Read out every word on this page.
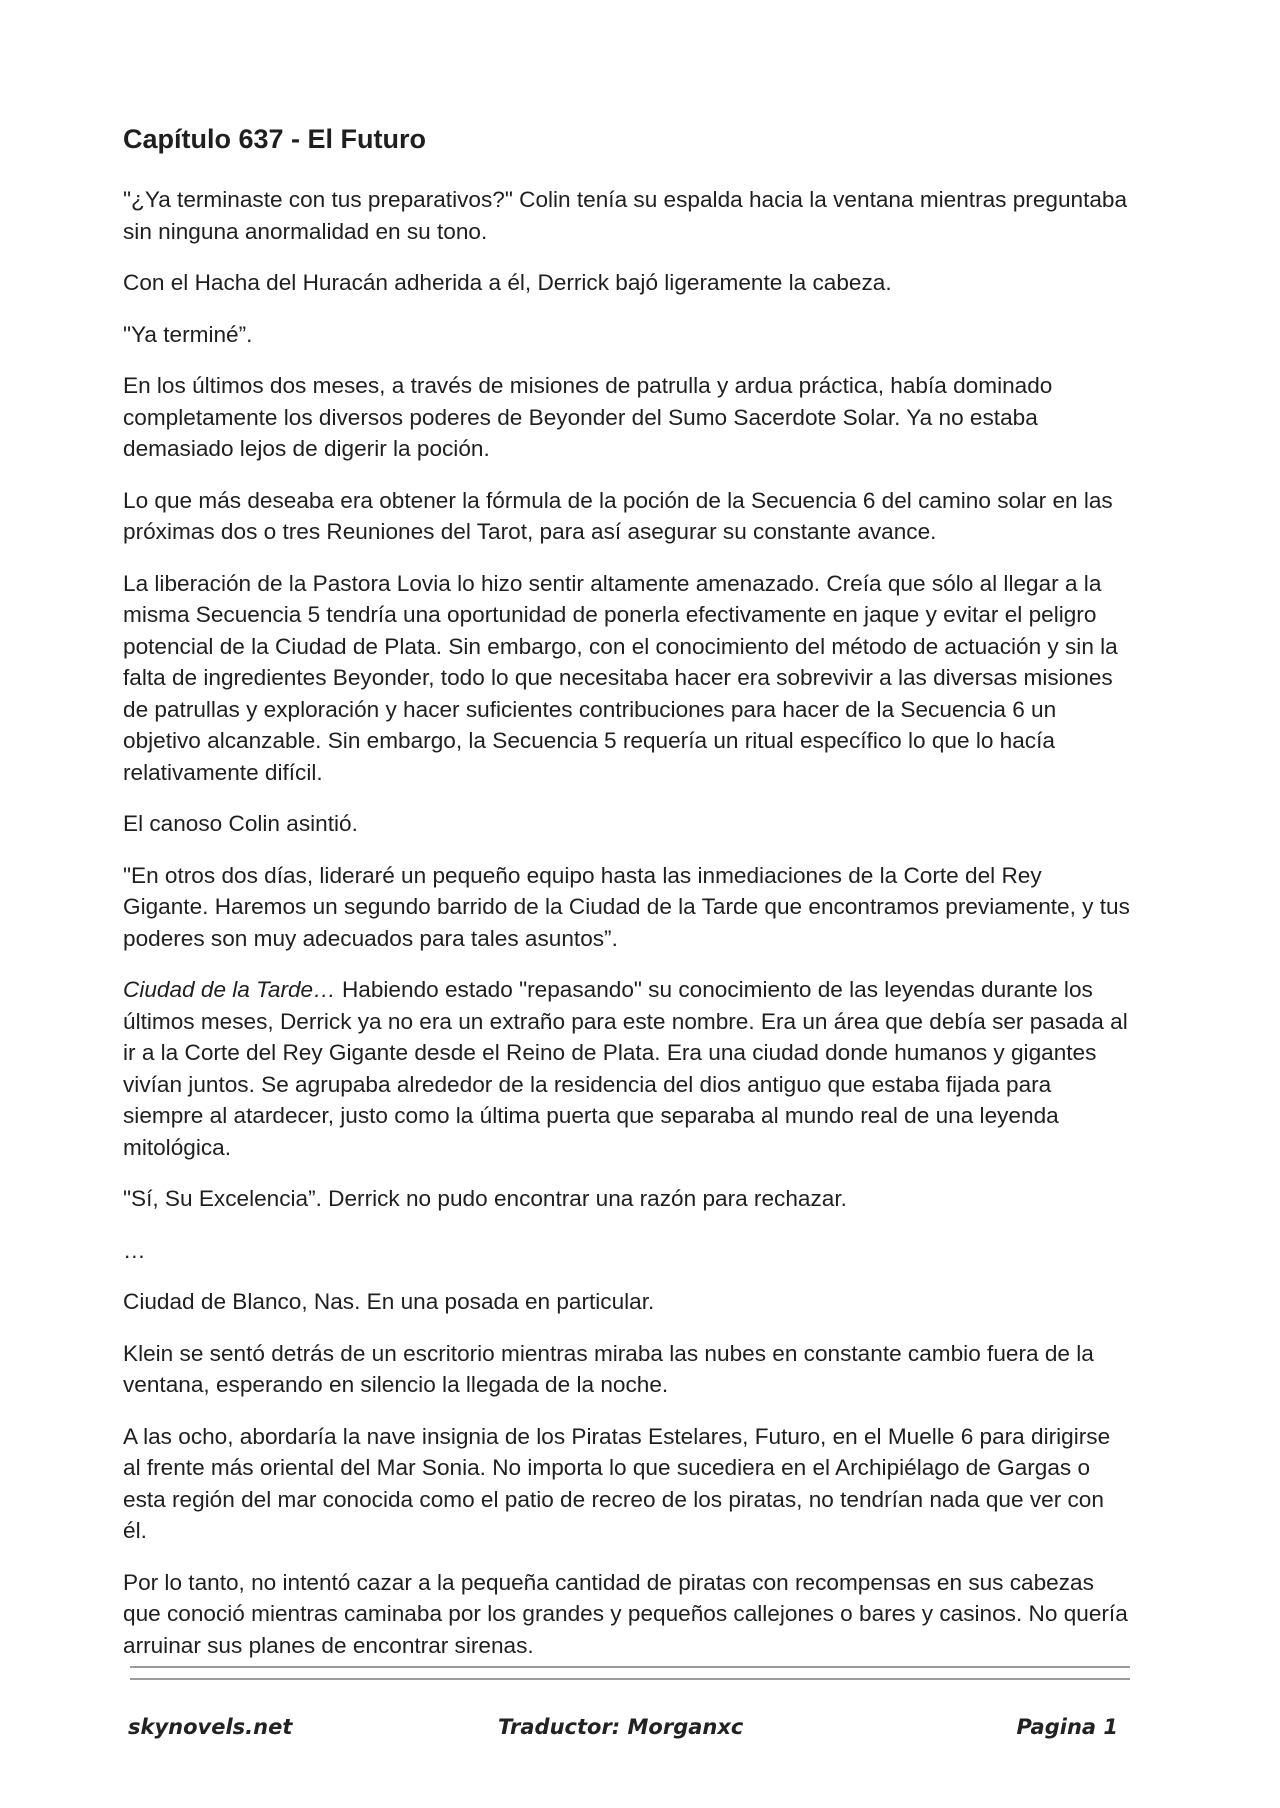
Capítulo 637 - El Futuro

"¿Ya terminaste con tus preparativos?" Colin tenía su espalda hacia la ventana mientras preguntaba sin ninguna anormalidad en su tono.

Con el Hacha del Huracán adherida a él, Derrick bajó ligeramente la cabeza.

"Ya terminé”.

En los últimos dos meses, a través de misiones de patrulla y ardua práctica, había dominado completamente los diversos poderes de Beyonder del Sumo Sacerdote Solar. Ya no estaba demasiado lejos de digerir la poción.

Lo que más deseaba era obtener la fórmula de la poción de la Secuencia 6 del camino solar en las próximas dos o tres Reuniones del Tarot, para así asegurar su constante avance.

La liberación de la Pastora Lovia lo hizo sentir altamente amenazado. Creía que sólo al llegar a la misma Secuencia 5 tendría una oportunidad de ponerla efectivamente en jaque y evitar el peligro potencial de la Ciudad de Plata. Sin embargo, con el conocimiento del método de actuación y sin la falta de ingredientes Beyonder, todo lo que necesitaba hacer era sobrevivir a las diversas misiones de patrullas y exploración y hacer suficientes contribuciones para hacer de la Secuencia 6 un objetivo alcanzable. Sin embargo, la Secuencia 5 requería un ritual específico lo que lo hacía relativamente difícil.

El canoso Colin asintió.

"En otros dos días, lideraré un pequeño equipo hasta las inmediaciones de la Corte del Rey Gigante. Haremos un segundo barrido de la Ciudad de la Tarde que encontramos previamente, y tus poderes son muy adecuados para tales asuntos”.

Ciudad de la Tarde… Habiendo estado "repasando" su conocimiento de las leyendas durante los últimos meses, Derrick ya no era un extraño para este nombre. Era un área que debía ser pasada al ir a la Corte del Rey Gigante desde el Reino de Plata. Era una ciudad donde humanos y gigantes vivían juntos. Se agrupaba alrededor de la residencia del dios antiguo que estaba fijada para siempre al atardecer, justo como la última puerta que separaba al mundo real de una leyenda mitológica.

"Sí, Su Excelencia”. Derrick no pudo encontrar una razón para rechazar.

…

Ciudad de Blanco, Nas. En una posada en particular.

Klein se sentó detrás de un escritorio mientras miraba las nubes en constante cambio fuera de la ventana, esperando en silencio la llegada de la noche.

A las ocho, abordaría la nave insignia de los Piratas Estelares, Futuro, en el Muelle 6 para dirigirse al frente más oriental del Mar Sonia. No importa lo que sucediera en el Archipiélago de Gargas o esta región del mar conocida como el patio de recreo de los piratas, no tendrían nada que ver con él.

Por lo tanto, no intentó cazar a la pequeña cantidad de piratas con recompensas en sus cabezas que conoció mientras caminaba por los grandes y pequeños callejones o bares y casinos. No quería arruinar sus planes de encontrar sirenas.

skynovels.net	Traductor: Morganxc	Pagina 1
